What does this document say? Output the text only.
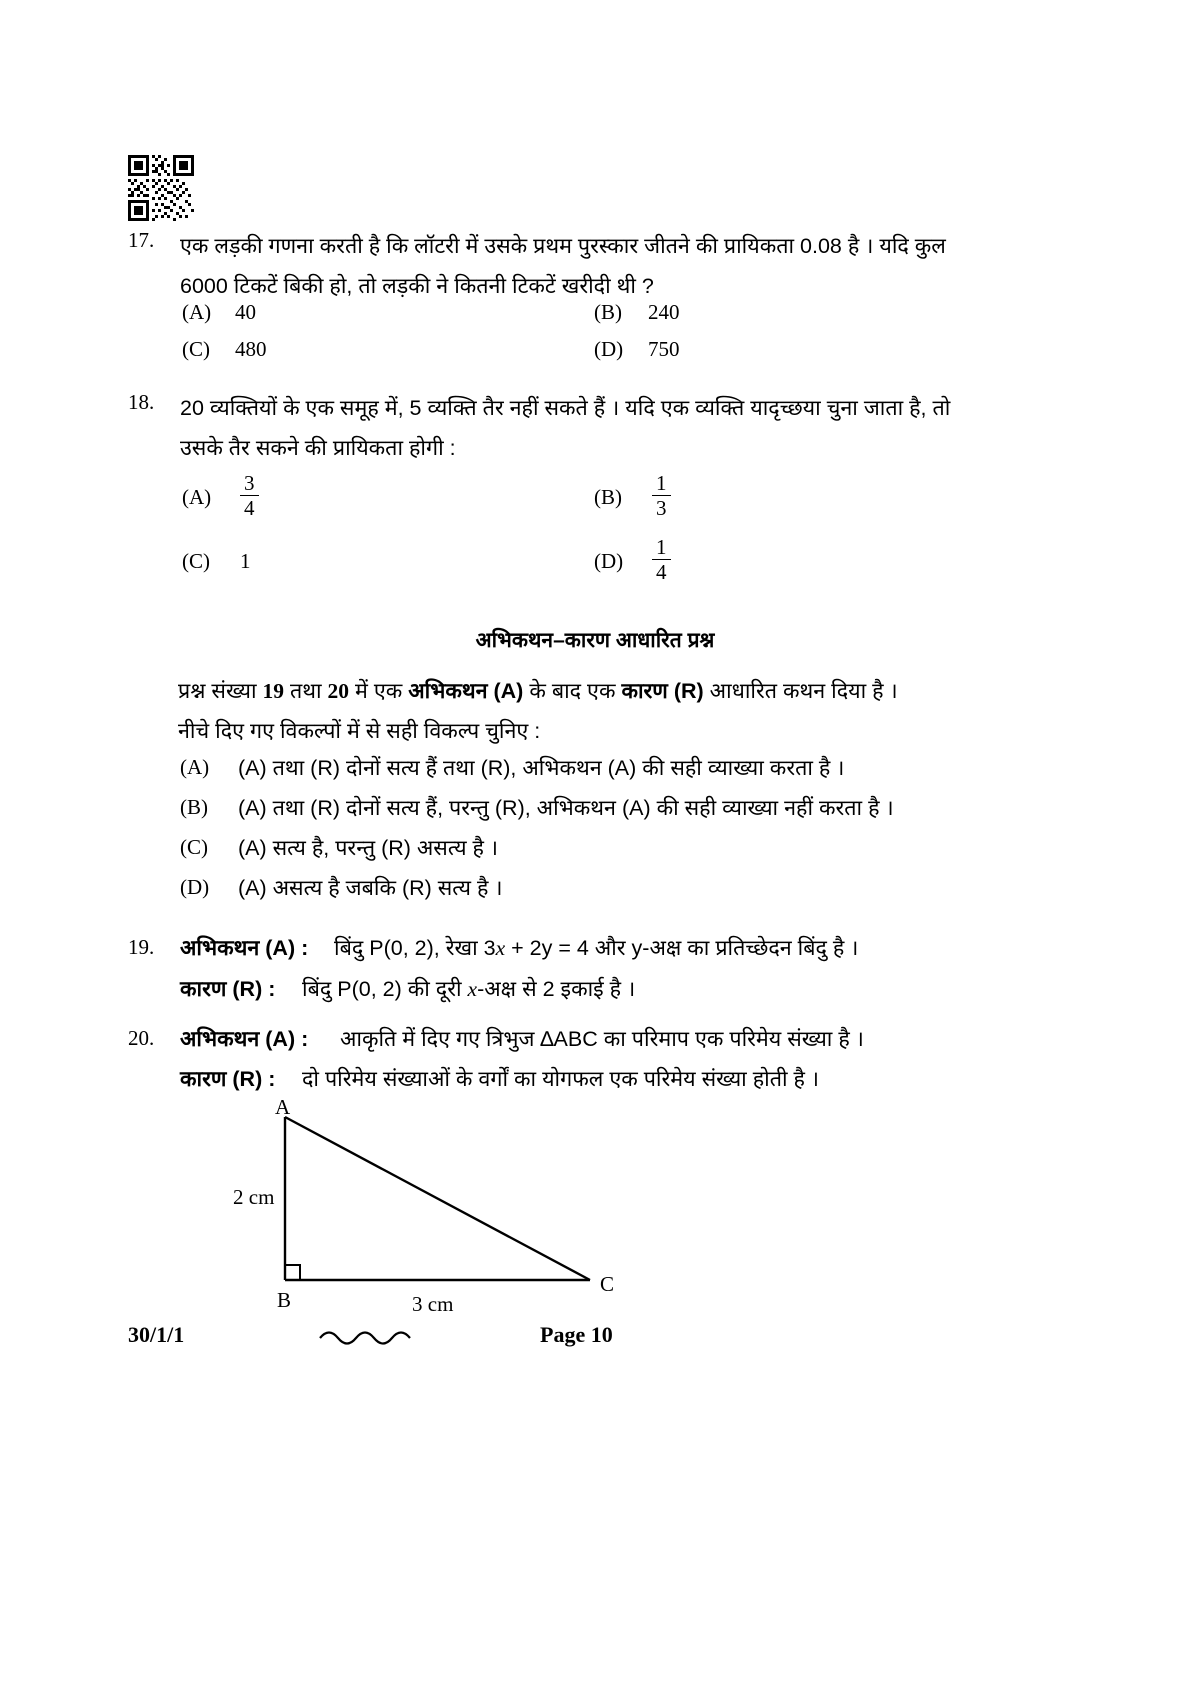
17. एक लड़की गणना करती है कि लॉटरी में उसके प्रथम पुरस्कार जीतने की प्रायिकता 0.08 है । यदि कुल
6000 टिकटें बिकी हो, तो लड़की ने कितनी टिकटें खरीदी थी ?
(A) 40	(B) 240
(C) 480	(D) 750
18. 20 व्यक्तियों के एक समूह में, 5 व्यक्ति तैर नहीं सकते हैं । यदि एक व्यक्ति यादृच्छया चुना जाता है, तो
उसके तैर सकने की प्रायिकता होगी :
(A)
3
4	(B)
1
3
(C) 1	(D)
1
4
अभिकथन–कारण आधारित प्रश्न
प्रश्न संख्या 19 तथा 20 में एक अभिकथन (A) के बाद एक कारण (R) आधारित कथन दिया है ।
नीचे दिए गए विकल्पों में से सही विकल्प चुनिए :
(A) (A) तथा (R) दोनों सत्य हैं तथा (R), अभिकथन (A) की सही व्याख्या करता है ।
(B) (A) तथा (R) दोनों सत्य हैं, परन्तु (R), अभिकथन (A) की सही व्याख्या नहीं करता है ।
(C) (A) सत्य है, परन्तु (R) असत्य है ।
(D) (A) असत्य है जबकि (R) सत्य है ।
19. अभिकथन (A) : बिंदु P(0, 2), रेखा 3x + 2y = 4 और y-अक्ष का प्रतिच्छेदन बिंदु है ।
कारण (R) : बिंदु P(0, 2) की दूरी x-अक्ष से 2 इकाई है ।
20. अभिकथन (A) : आकृति में दिए गए त्रिभुज ∆ABC का परिमाप एक परिमेय संख्या है ।
कारण (R) : दो परिमेय संख्याओं के वर्गों का योगफल एक परिमेय संख्या होती है ।
A
B
C
2 cm
3 cm
30/1/1	Page 10
